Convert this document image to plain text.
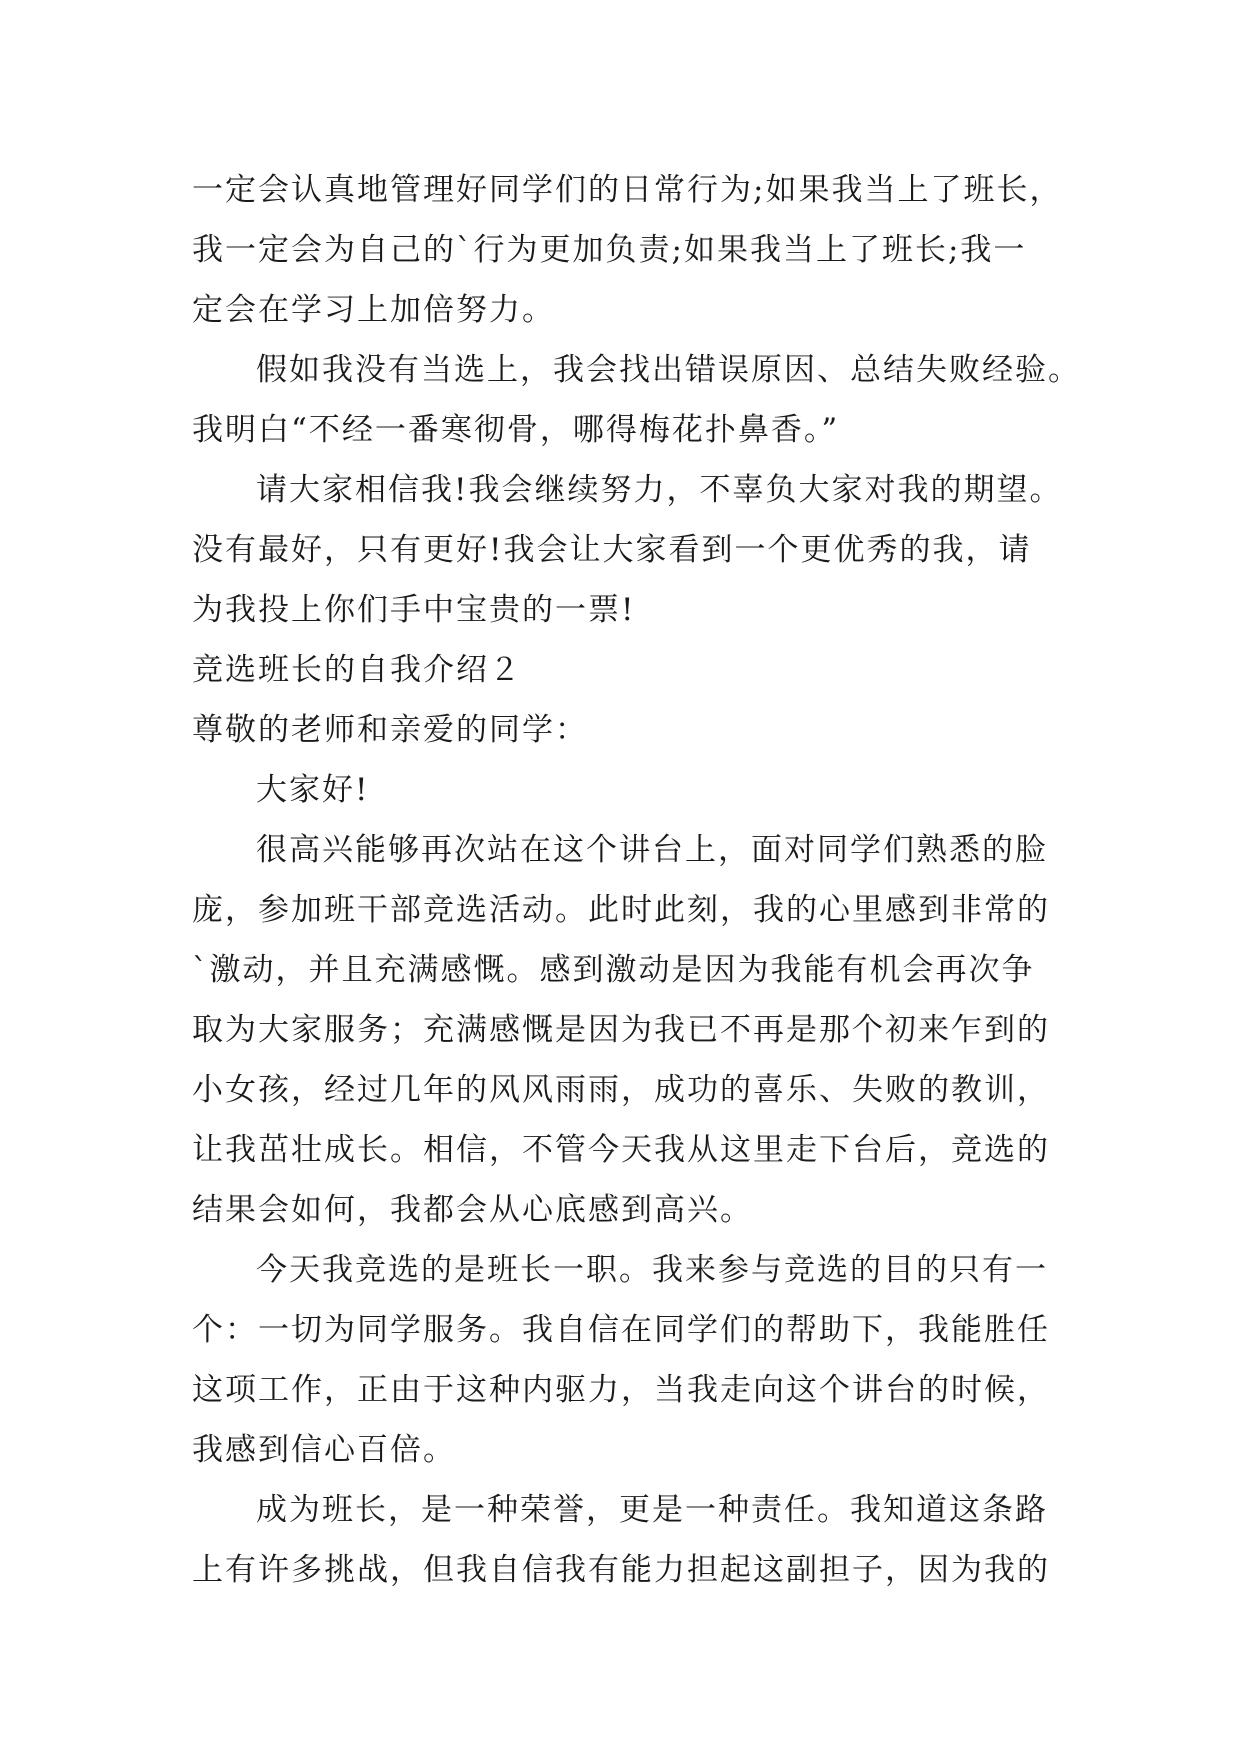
一定会认真地管理好同学们的日常行为;如果我当上了班长，
我一定会为自己的`行为更加负责;如果我当上了班长;我一
定会在学习上加倍努力。
假如我没有当选上，我会找出错误原因、总结失败经验。
我明白“不经一番寒彻骨，哪得梅花扑鼻香。”
请大家相信我!我会继续努力，不辜负大家对我的期望。
没有最好，只有更好!我会让大家看到一个更优秀的我，请
为我投上你们手中宝贵的一票!
竞选班长的自我介绍２
尊敬的老师和亲爱的同学：
大家好!
很高兴能够再次站在这个讲台上，面对同学们熟悉的脸
庞，参加班干部竞选活动。此时此刻，我的心里感到非常的
`激动，并且充满感慨。感到激动是因为我能有机会再次争
取为大家服务；充满感慨是因为我已不再是那个初来乍到的
小女孩，经过几年的风风雨雨，成功的喜乐、失败的教训，
让我茁壮成长。相信，不管今天我从这里走下台后，竞选的
结果会如何，我都会从心底感到高兴。
今天我竞选的是班长一职。我来参与竞选的目的只有一
个：一切为同学服务。我自信在同学们的帮助下，我能胜任
这项工作，正由于这种内驱力，当我走向这个讲台的时候，
我感到信心百倍。
成为班长，是一种荣誉，更是一种责任。我知道这条路
上有许多挑战，但我自信我有能力担起这副担子，因为我的
